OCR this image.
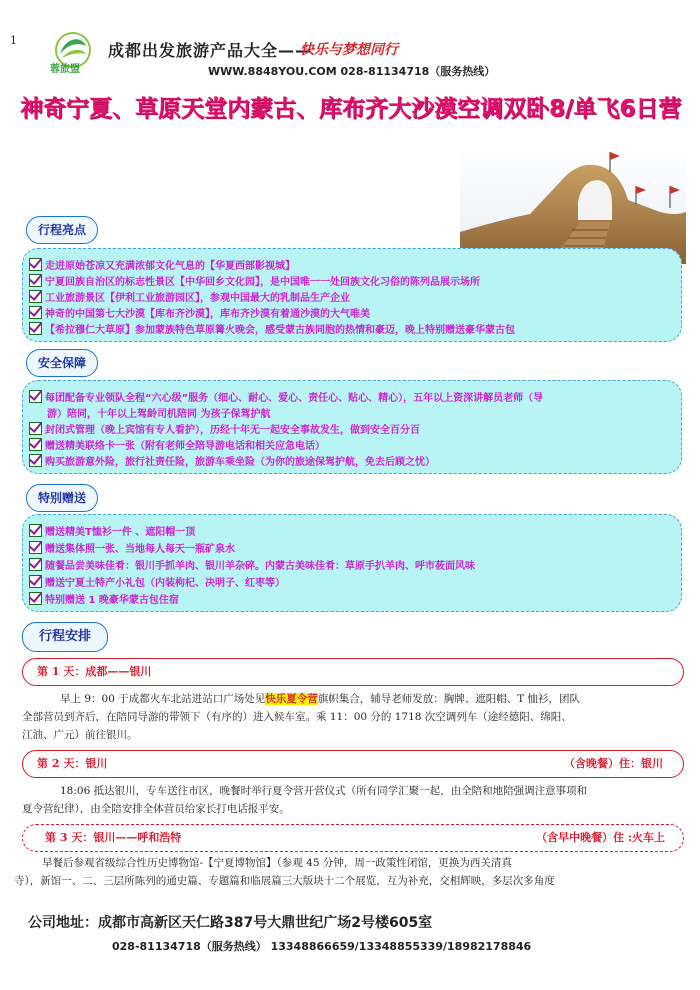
1
蓉旅盟
成都出发旅游产品大全——
快乐与梦想同行
WWW.8848YOU.COM 028-81134718（服务热线）
神奇宁夏、草原天堂内蒙古、库布齐大沙漠空调双卧8/单飞6日营
行程亮点
走进原始苍凉又充满浓郁文化气息的【华夏西部影视城】
宁夏回族自治区的标志性景区【中华回乡文化园】，是中国唯一一处回族文化习俗的陈列品展示场所
工业旅游景区【伊利工业旅游园区】，参观中国最大的乳制品生产企业
神奇的中国第七大沙漠【库布齐沙漠】，库布齐沙漠有着通沙漠的大气唯美
【希拉穆仁大草原】参加蒙族特色草原篝火晚会，感受蒙古族同胞的热情和豪迈，晚上特别赠送豪华蒙古包
安全保障
每团配备专业领队全程“六心级”服务（细心、耐心、爱心、责任心、贴心、精心），五年以上资深讲解员老师（导
游）陪同，十年以上驾龄司机陪同 为孩子保驾护航
封闭式管理（晚上宾馆有专人看护），历经十年无一起安全事故发生，做到安全百分百
赠送精美联络卡一张（附有老师全陪导游电话和相关应急电话）
购买旅游意外险，旅行社责任险，旅游车乘坐险（为你的旅途保驾护航，免去后顾之忧）
特别赠送
赠送精美T恤衫一件 、遮阳帽一顶
赠送集体照一张、当地每人每天一瓶矿泉水
随餐品尝美味佳肴：银川手抓羊肉、银川羊杂碎。内蒙古美味佳肴：草原手扒羊肉、呼市莜面风味
赠送宁夏土特产小礼包（内装枸杞、决明子、红枣等）
特别赠送 1 晚豪华蒙古包住宿
行程安排
第 1 天：成都——银川
早上 9：00 于成都火车北站进站口广场处见快乐夏令营旗帜集合，辅导老师发放：胸牌、遮阳帽、T 恤衫，团队
全部营员到齐后，在陪同导游的带领下（有序的）进入候车室。乘 11：00 分的 1718 次空调列车（途经德阳、绵阳、
江油、广元）前往银川。
第 2 天：银川	（含晚餐）住：银川
18:06 抵达银川，专车送往市区，晚餐时举行夏令营开营仪式（所有同学汇聚一起，由全陪和地陪强调注意事项和
夏令营纪律），由全陪安排全体营员给家长打电话报平安。
第 3 天：银川——呼和浩特	（含早中晚餐）住 :火车上
早餐后参观省级综合性历史博物馆-【宁夏博物馆】（参观 45 分钟，周一政策性闭馆，更换为西关清真
寺），新馆一、二、三层所陈列的通史篇、专题篇和临展篇三大版块十二个展览，互为补充，交相辉映，多层次多角度
公司地址：成都市高新区天仁路387号大鼎世纪广场2号楼605室
028-81134718（服务热线） 13348866659/13348855339/18982178846
